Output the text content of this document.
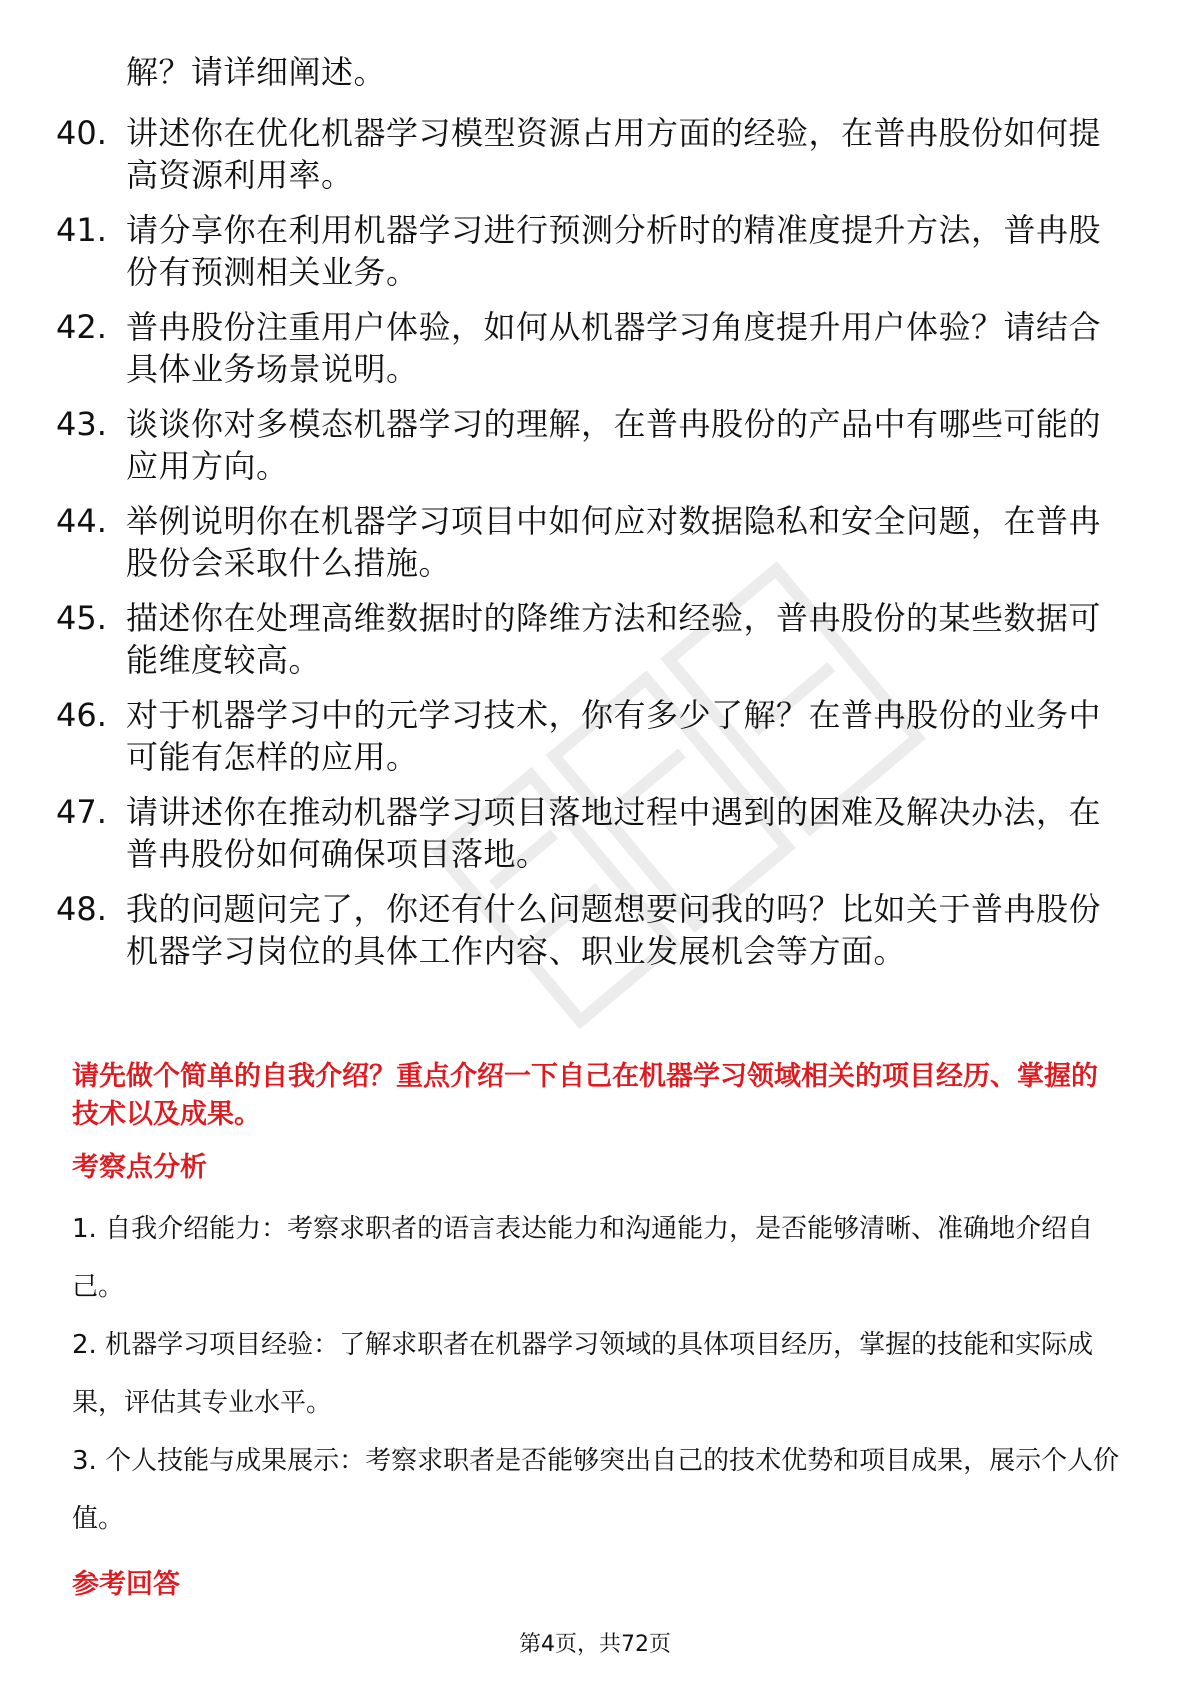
解？请详细阐述。
40. 讲述你在优化机器学习模型资源占用方面的经验，在普冉股份如何提高资源利用率。
41. 请分享你在利用机器学习进行预测分析时的精准度提升方法，普冉股份有预测相关业务。
42. 普冉股份注重用户体验，如何从机器学习角度提升用户体验？请结合具体业务场景说明。
43. 谈谈你对多模态机器学习的理解，在普冉股份的产品中有哪些可能的应用方向。
44. 举例说明你在机器学习项目中如何应对数据隐私和安全问题，在普冉股份会采取什么措施。
45. 描述你在处理高维数据时的降维方法和经验，普冉股份的某些数据可能维度较高。
46. 对于机器学习中的元学习技术，你有多少了解？在普冉股份的业务中可能有怎样的应用。
47. 请讲述你在推动机器学习项目落地过程中遇到的困难及解决办法，在普冉股份如何确保项目落地。
48. 我的问题问完了，你还有什么问题想要问我的吗？比如关于普冉股份机器学习岗位的具体工作内容、职业发展机会等方面。
请先做个简单的自我介绍？重点介绍一下自己在机器学习领域相关的项目经历、掌握的技术以及成果。
考察点分析
1. 自我介绍能力：考察求职者的语言表达能力和沟通能力，是否能够清晰、准确地介绍自己。
2. 机器学习项目经验：了解求职者在机器学习领域的具体项目经历，掌握的技能和实际成果，评估其专业水平。
3. 个人技能与成果展示：考察求职者是否能够突出自己的技术优势和项目成果，展示个人价值。
参考回答
第4页，共72页
